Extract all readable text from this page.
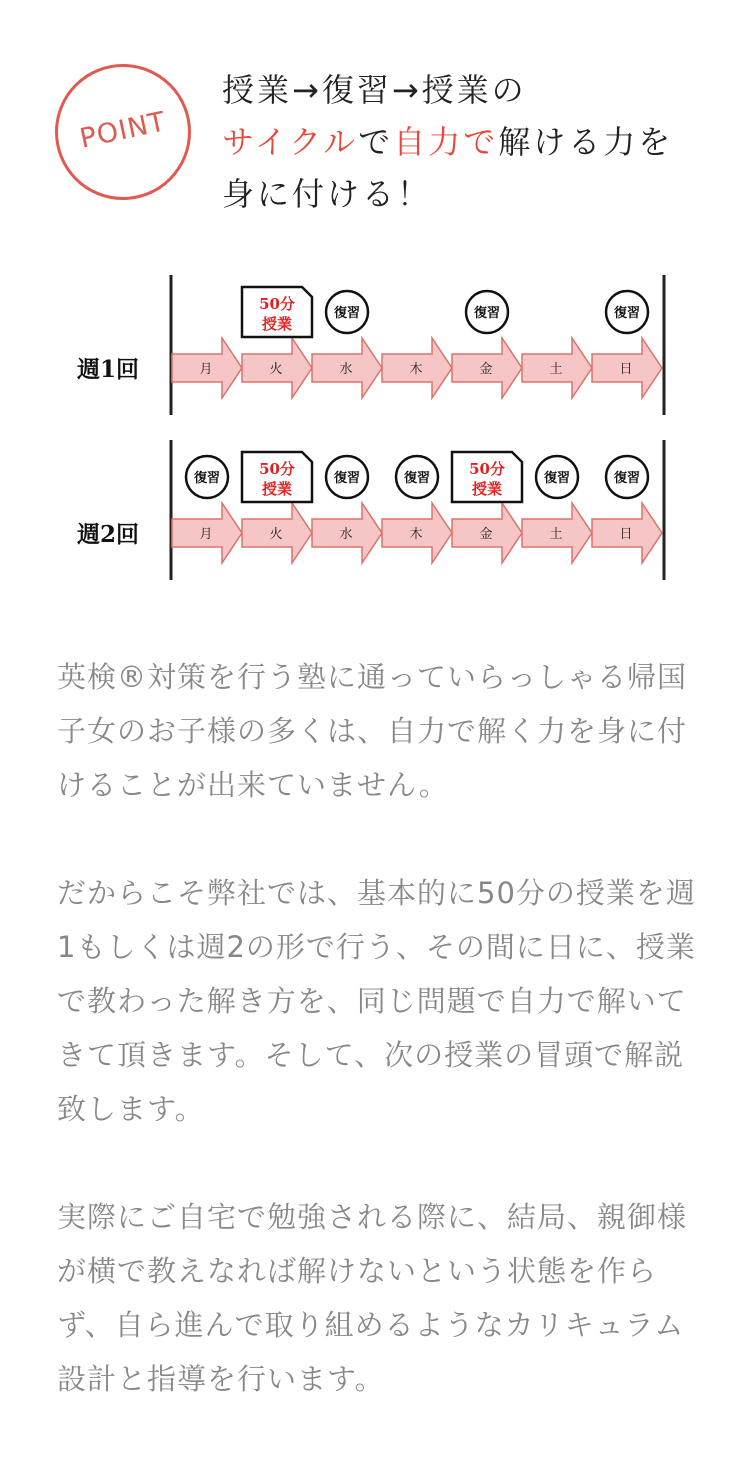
POINT
授業→復習→授業の
サイクルで自力で解ける力を
身に付ける！
週1回	月	火
50分
授業
水
復習
木	金
復習
土	日
復習
週2回	月
復習
火
50分
授業
水
復習
木
復習
金
50分
授業
土
復習
日
復習

英検®対策を行う塾に通っていらっしゃる帰国子女のお子様の多くは、自力で解く力を身に付けることが出来ていません。

だからこそ弊社では、基本的に50分の授業を週1もしくは週2の形で行う、その間に日に、授業で教わった解き方を、同じ問題で自力で解いてきて頂きます。そして、次の授業の冒頭で解説致します。

実際にご自宅で勉強される際に、結局、親御様が横で教えなれば解けないという状態を作らず、自ら進んで取り組めるようなカリキュラム設計と指導を行います。
